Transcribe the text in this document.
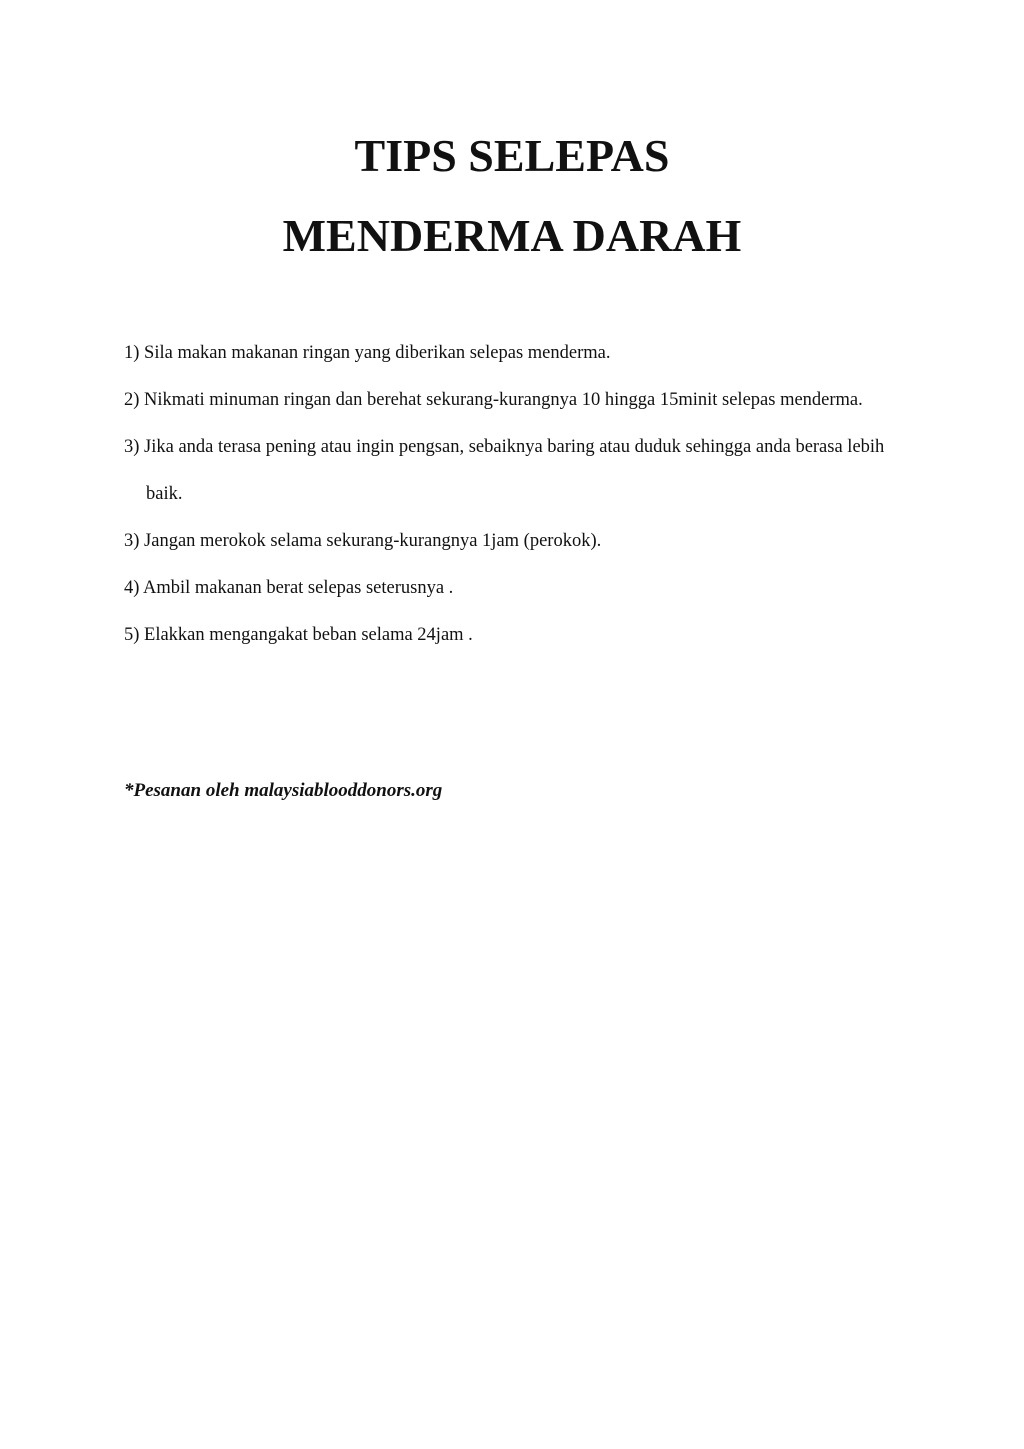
TIPS SELEPAS
MENDERMA DARAH
1) Sila makan makanan ringan yang diberikan selepas menderma.
2) Nikmati minuman ringan dan berehat sekurang-kurangnya 10 hingga 15minit selepas menderma.
3) Jika anda terasa pening atau ingin pengsan, sebaiknya baring atau duduk sehingga anda berasa lebih baik.
3) Jangan merokok selama sekurang-kurangnya 1jam (perokok).
4) Ambil makanan berat selepas seterusnya .
5) Elakkan mengangakat beban selama 24jam .

*Pesanan oleh malaysiablooddonors.org
